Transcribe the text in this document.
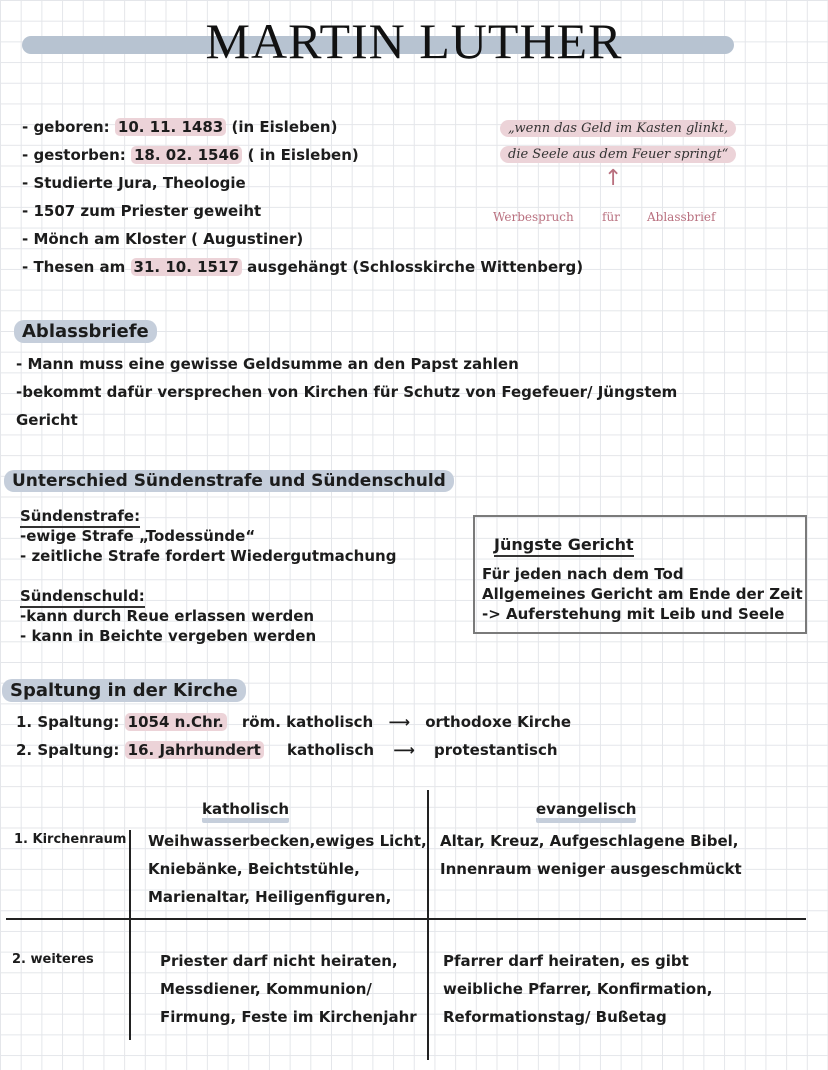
MARTIN LUTHER
- geboren: 10. 11. 1483 (in Eisleben)
- gestorben: 18. 02. 1546 ( in Eisleben)
- Studierte Jura, Theologie
- 1507 zum Priester geweiht
- Mönch am Kloster ( Augustiner)
- Thesen am 31. 10. 1517 ausgehängt (Schlosskirche Wittenberg)
„wenn das Geld im Kasten glinkt,
die Seele aus dem Feuer springt“
↑
Werbespruch für Ablassbrief
Ablassbriefe
- Mann muss eine gewisse Geldsumme an den Papst zahlen
-bekommt dafür versprechen von Kirchen für Schutz von Fegefeuer/ Jüngstem
Gericht
Unterschied Sündenstrafe und Sündenschuld
Sündenstrafe:
-ewige Strafe „Todessünde“
- zeitliche Strafe fordert Wiedergutmachung
Sündenschuld:
-kann durch Reue erlassen werden
- kann in Beichte vergeben werden
Jüngste Gericht
Für jeden nach dem Tod
Allgemeines Gericht am Ende der Zeit
-> Auferstehung mit Leib und Seele
Spaltung in der Kirche
1. Spaltung: 1054 n.Chr. röm. katholisch ⟶ orthodoxe Kirche
2. Spaltung: 16. Jahrhundert katholisch ⟶ protestantisch
katholisch	evangelisch
1. Kirchenraum Weihwasserbecken,ewiges Licht,
Kniebänke, Beichtstühle,
Marienaltar, Heiligenfiguren,
Altar, Kreuz, Aufgeschlagene Bibel,
Innenraum weniger ausgeschmückt
2. weiteres	Priester darf nicht heiraten,
Messdiener, Kommunion/
Firmung, Feste im Kirchenjahr
Pfarrer darf heiraten, es gibt
weibliche Pfarrer, Konfirmation,
Reformationstag/ Bußetag
